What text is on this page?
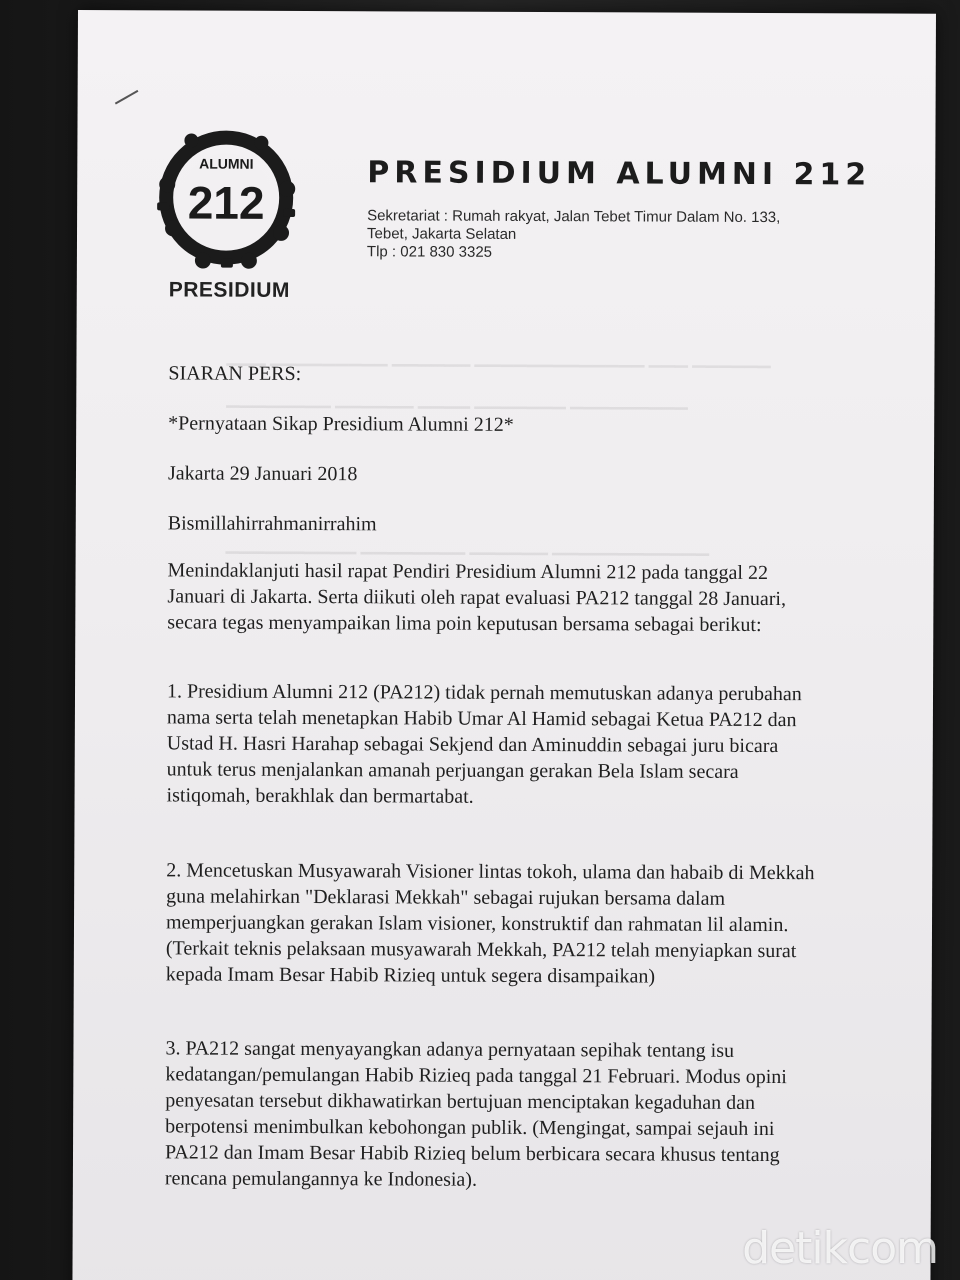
ALUMNI
212
PRESIDIUM
PRESIDIUM ALUMNI 212
Sekretariat : Rumah rakyat, Jalan Tebet Timur Dalam No. 133,
Tebet, Jakarta Selatan
Tlp : 021 830 3325
▁▁▁ ▁▁▁▁▁▁▁▁▁ ▁▁▁▁▁▁ ▁▁▁▁▁▁▁▁▁▁▁▁▁ ▁▁▁ ▁▁▁▁▁▁
▁▁▁▁▁▁▁▁ ▁▁▁▁▁▁ ▁▁▁▁ ▁▁▁▁▁▁▁ ▁▁▁▁▁▁▁▁▁
▁▁▁▁▁▁▁▁▁▁ ▁▁▁▁▁▁▁▁ ▁▁▁▁▁▁ ▁▁▁▁▁▁▁▁▁▁▁▁
SIARAN PERS:
*Pernyataan Sikap Presidium Alumni 212*
Jakarta 29 Januari 2018
Bismillahirrahmanirrahim
Menindaklanjuti hasil rapat Pendiri Presidium Alumni 212 pada tanggal 22 Januari di Jakarta. Serta diikuti oleh rapat evaluasi PA212 tanggal 28 Januari, secara tegas menyampaikan lima poin keputusan bersama sebagai berikut:
1. Presidium Alumni 212 (PA212) tidak pernah memutuskan adanya perubahan nama serta telah menetapkan Habib Umar Al Hamid sebagai Ketua PA212 dan Ustad H. Hasri Harahap sebagai Sekjend dan Aminuddin sebagai juru bicara untuk terus menjalankan amanah perjuangan gerakan Bela Islam secara istiqomah, berakhlak dan bermartabat.
2. Mencetuskan Musyawarah Visioner lintas tokoh, ulama dan habaib di Mekkah guna melahirkan "Deklarasi Mekkah" sebagai rujukan bersama dalam memperjuangkan gerakan Islam visioner, konstruktif dan rahmatan lil alamin. (Terkait teknis pelaksaan musyawarah Mekkah, PA212 telah menyiapkan surat kepada Imam Besar Habib Rizieq untuk segera disampaikan)
3. PA212 sangat menyayangkan adanya pernyataan sepihak tentang isu kedatangan/pemulangan Habib Rizieq pada tanggal 21 Februari. Modus opini penyesatan tersebut dikhawatirkan bertujuan menciptakan kegaduhan dan berpotensi menimbulkan kebohongan publik. (Mengingat, sampai sejauh ini PA212 dan Imam Besar Habib Rizieq belum berbicara secara khusus tentang rencana pemulangannya ke Indonesia).
detikcom
